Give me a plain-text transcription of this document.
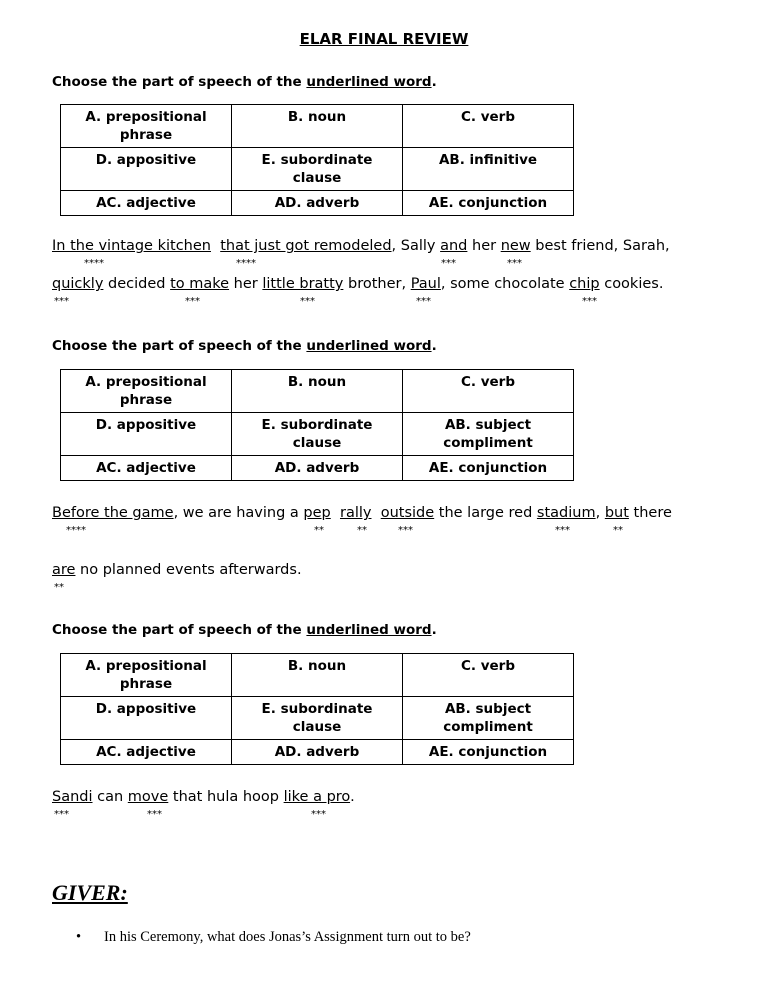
ELAR FINAL REVIEW
Choose the part of speech of the underlined word.
A. prepositional phrase	B. noun	C. verb
D. appositive	E. subordinate clause	AB. infinitive
AC. adjective	AD. adverb	AE. conjunction
In the vintage kitchen that just got remodeled, Sally and her new best friend, Sarah,
****	****	***	***
quickly decided to make her little bratty brother, Paul, some chocolate chip cookies.
***	***	***	***	***
Choose the part of speech of the underlined word.
A. prepositional phrase	B. noun	C. verb
D. appositive	E. subordinate clause	AB. subject compliment
AC. adjective	AD. adverb	AE. conjunction
Before the game, we are having a pep rally outside the large red stadium, but there
****	**	**	***	***	**
are no planned events afterwards.
**
Choose the part of speech of the underlined word.
A. prepositional phrase	B. noun	C. verb
D. appositive	E. subordinate clause	AB. subject compliment
AC. adjective	AD. adverb	AE. conjunction
Sandi can move that hula hoop like a pro.
***	***	***
GIVER:
• In his Ceremony, what does Jonas’s Assignment turn out to be?
